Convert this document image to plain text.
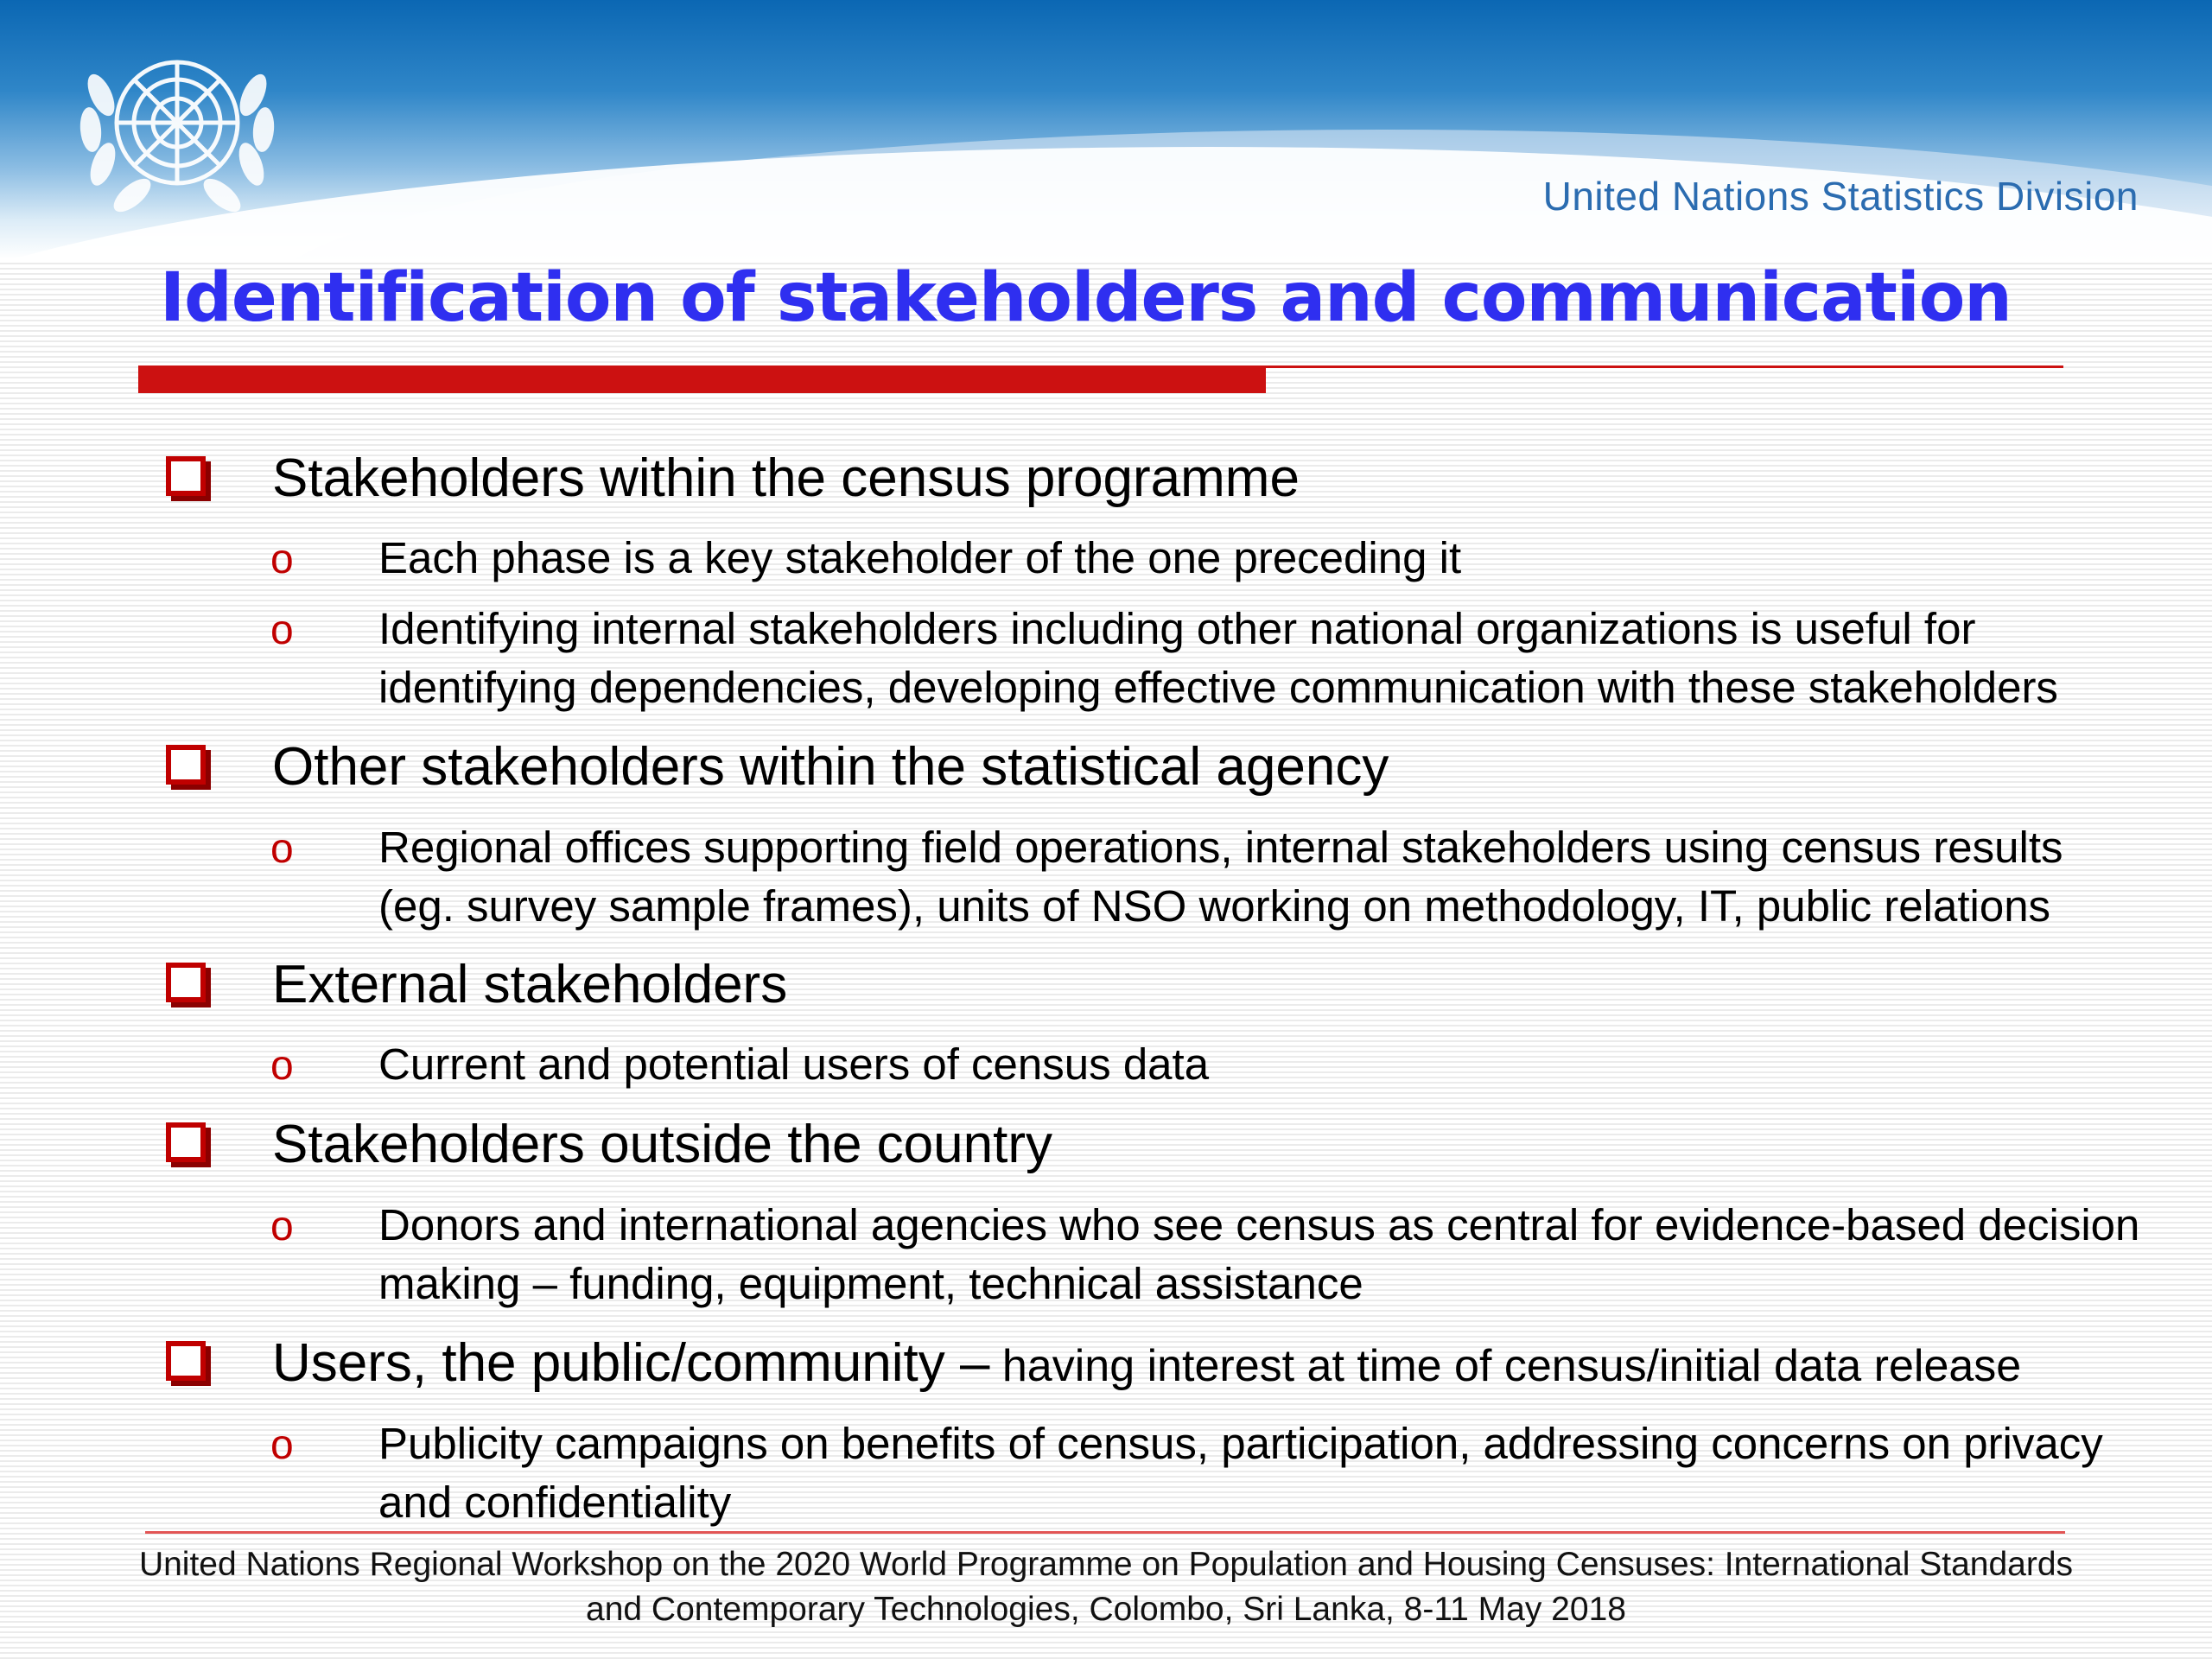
United Nations Statistics Division
Identification of stakeholders and communication
Stakeholders within the census programme
o Each phase is a key stakeholder of the one preceding it
o Identifying internal stakeholders including other national organizations is useful for
identifying dependencies, developing effective communication with these stakeholders
Other stakeholders within the statistical agency
o Regional offices supporting field operations, internal stakeholders using census results
(eg. survey sample frames), units of NSO working on methodology, IT, public relations
External stakeholders
o Current and potential users of census data
Stakeholders outside the country
o Donors and international agencies who see census as central for evidence-based decision
making – funding, equipment, technical assistance
Users, the public/community – having interest at time of census/initial data release
o Publicity campaigns on benefits of census, participation, addressing concerns on privacy
and confidentiality
United Nations Regional Workshop on the 2020 World Programme on Population and Housing Censuses: International Standards
and Contemporary Technologies, Colombo, Sri Lanka, 8-11 May 2018
